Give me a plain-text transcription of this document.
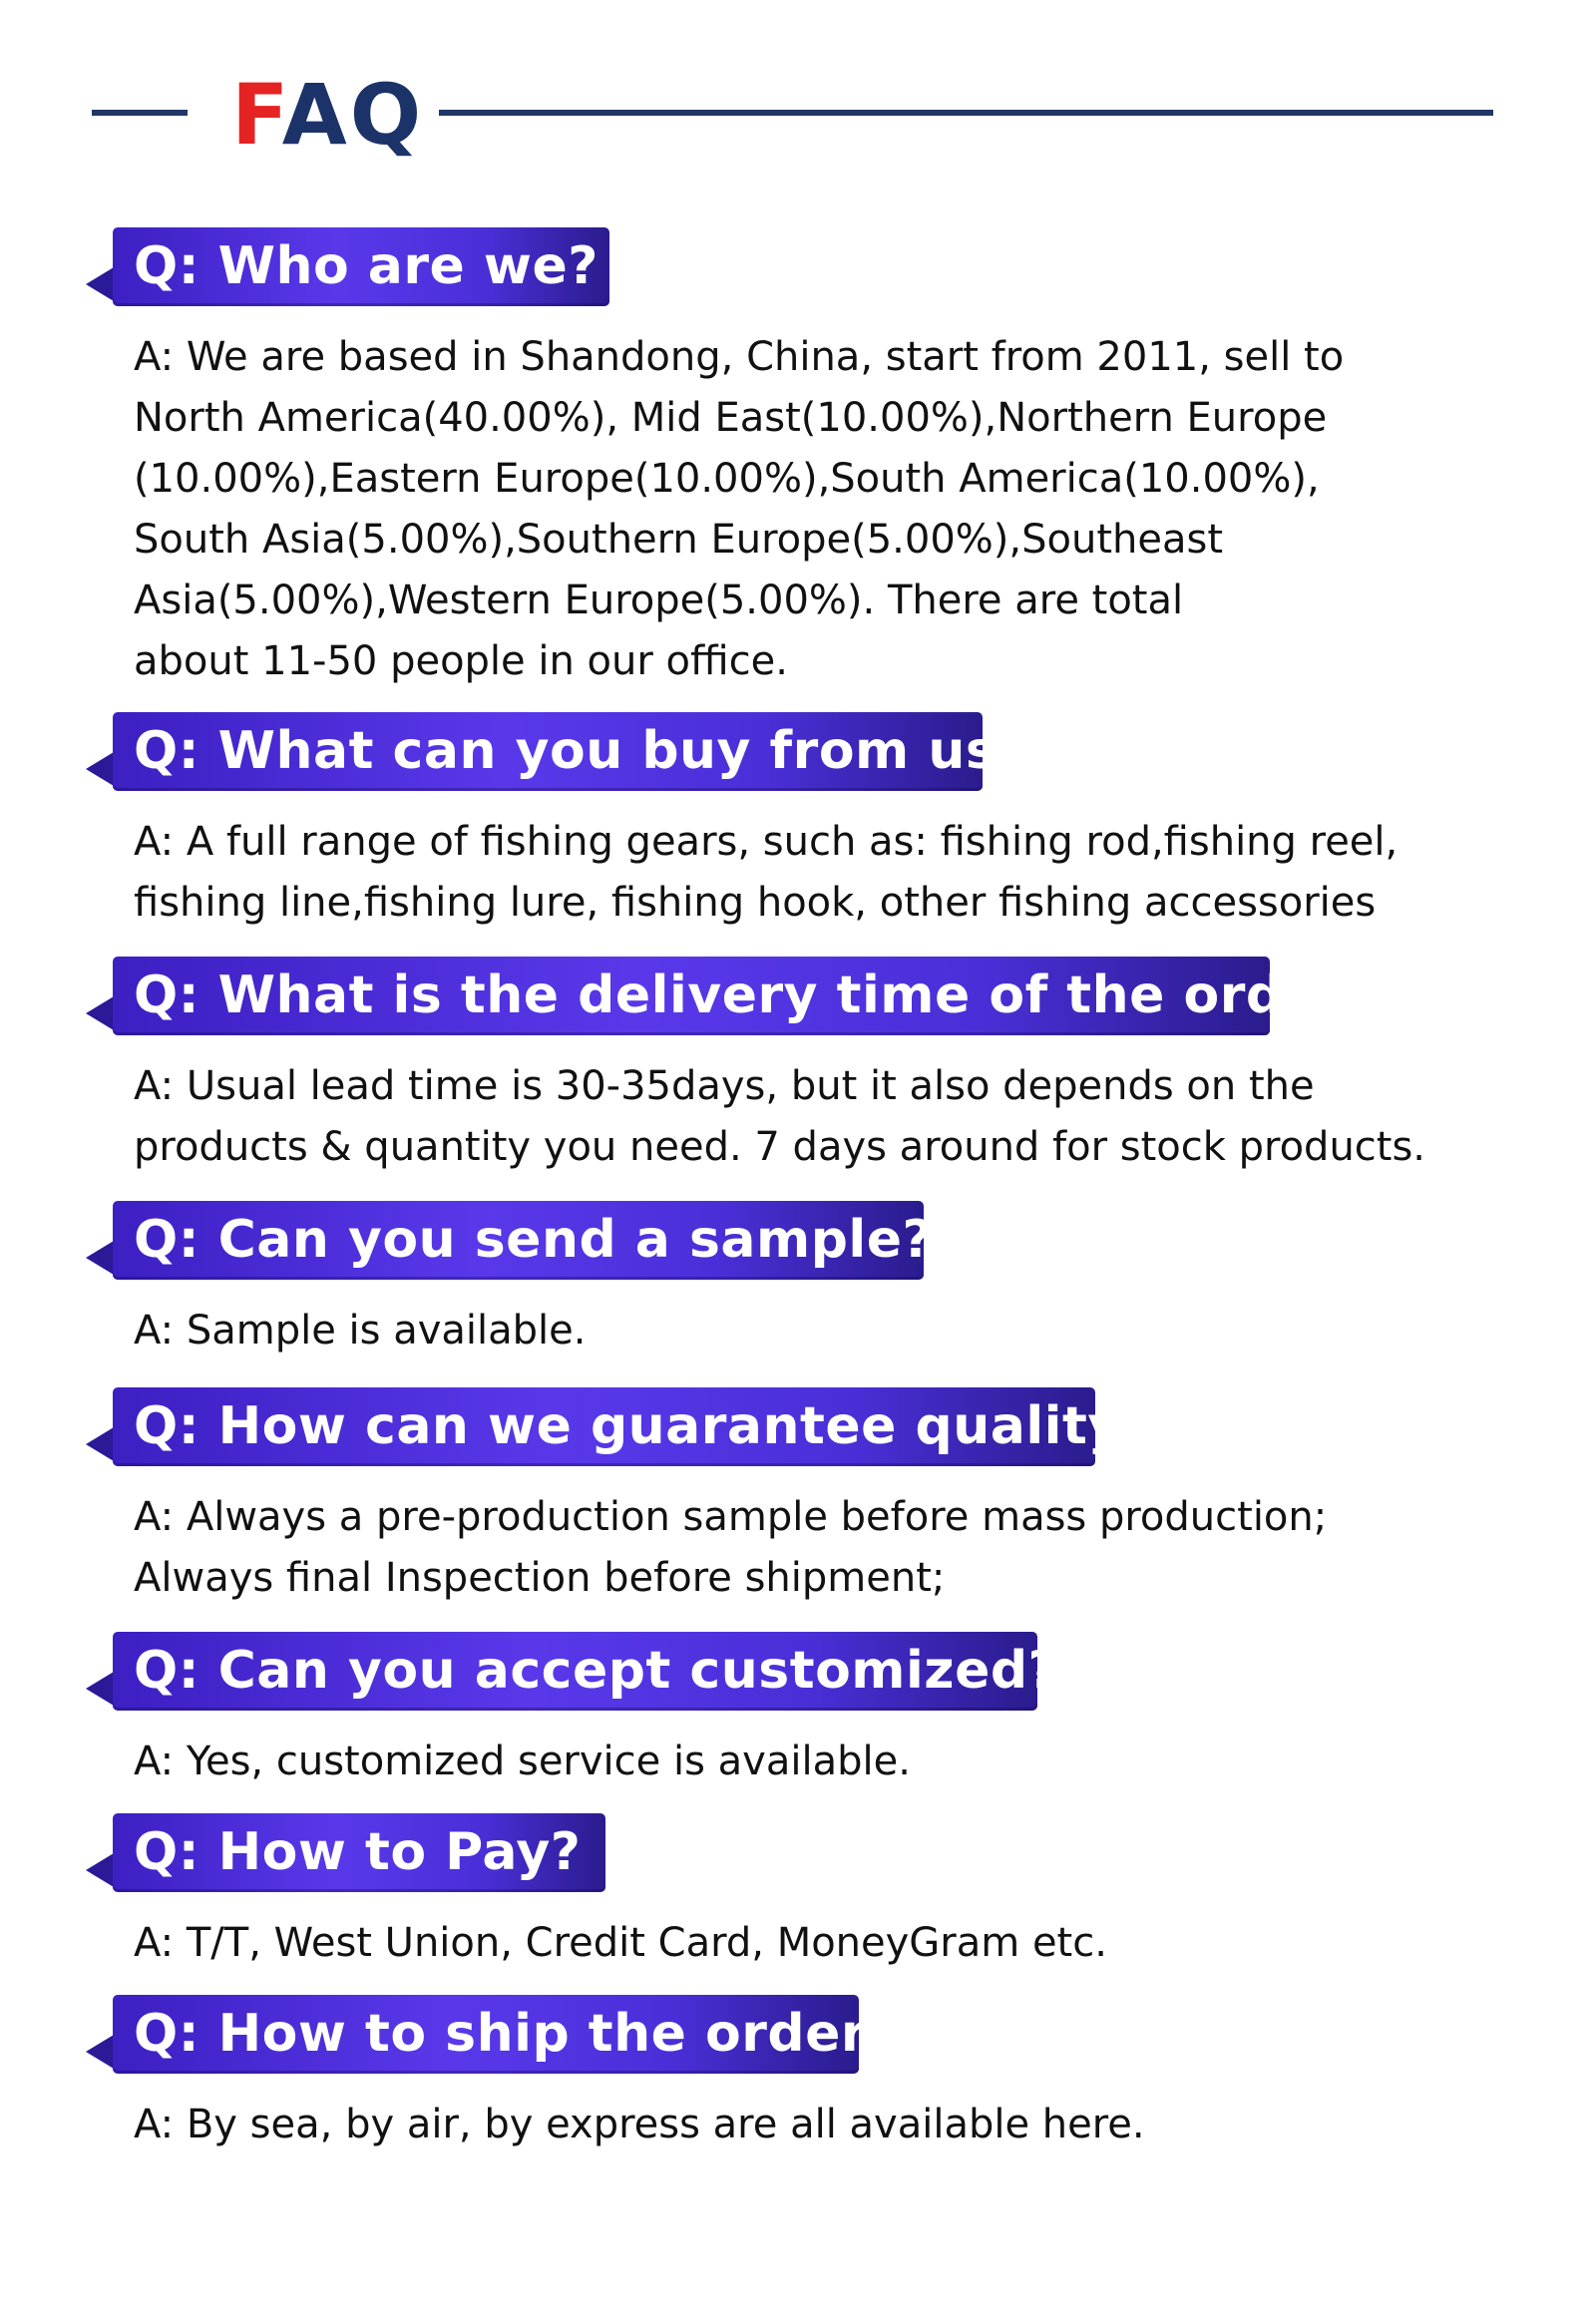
FAQ
Q: Who are we?
A: We are based in Shandong, China, start from 2011, sell to
North America(40.00%), Mid East(10.00%),Northern Europe
(10.00%),Eastern Europe(10.00%),South America(10.00%),
South Asia(5.00%),Southern Europe(5.00%),Southeast
Asia(5.00%),Western Europe(5.00%). There are total
about 11-50 people in our office.
Q: What can you buy from us?
A: A full range of fishing gears, such as: fishing rod,fishing reel,
fishing line,fishing lure, fishing hook, other fishing accessories
Q: What is the delivery time of the order?
A: Usual lead time is 30-35days, but it also depends on the
products & quantity you need. 7 days around for stock products.
Q: Can you send a sample?
A: Sample is available.
Q: How can we guarantee quality?
A: Always a pre-production sample before mass production;
Always final Inspection before shipment;
Q: Can you accept customized?
A: Yes, customized service is available.
Q: How to Pay?
A: T/T, West Union, Credit Card, MoneyGram etc.
Q: How to ship the order?
A: By sea, by air, by express are all available here.
